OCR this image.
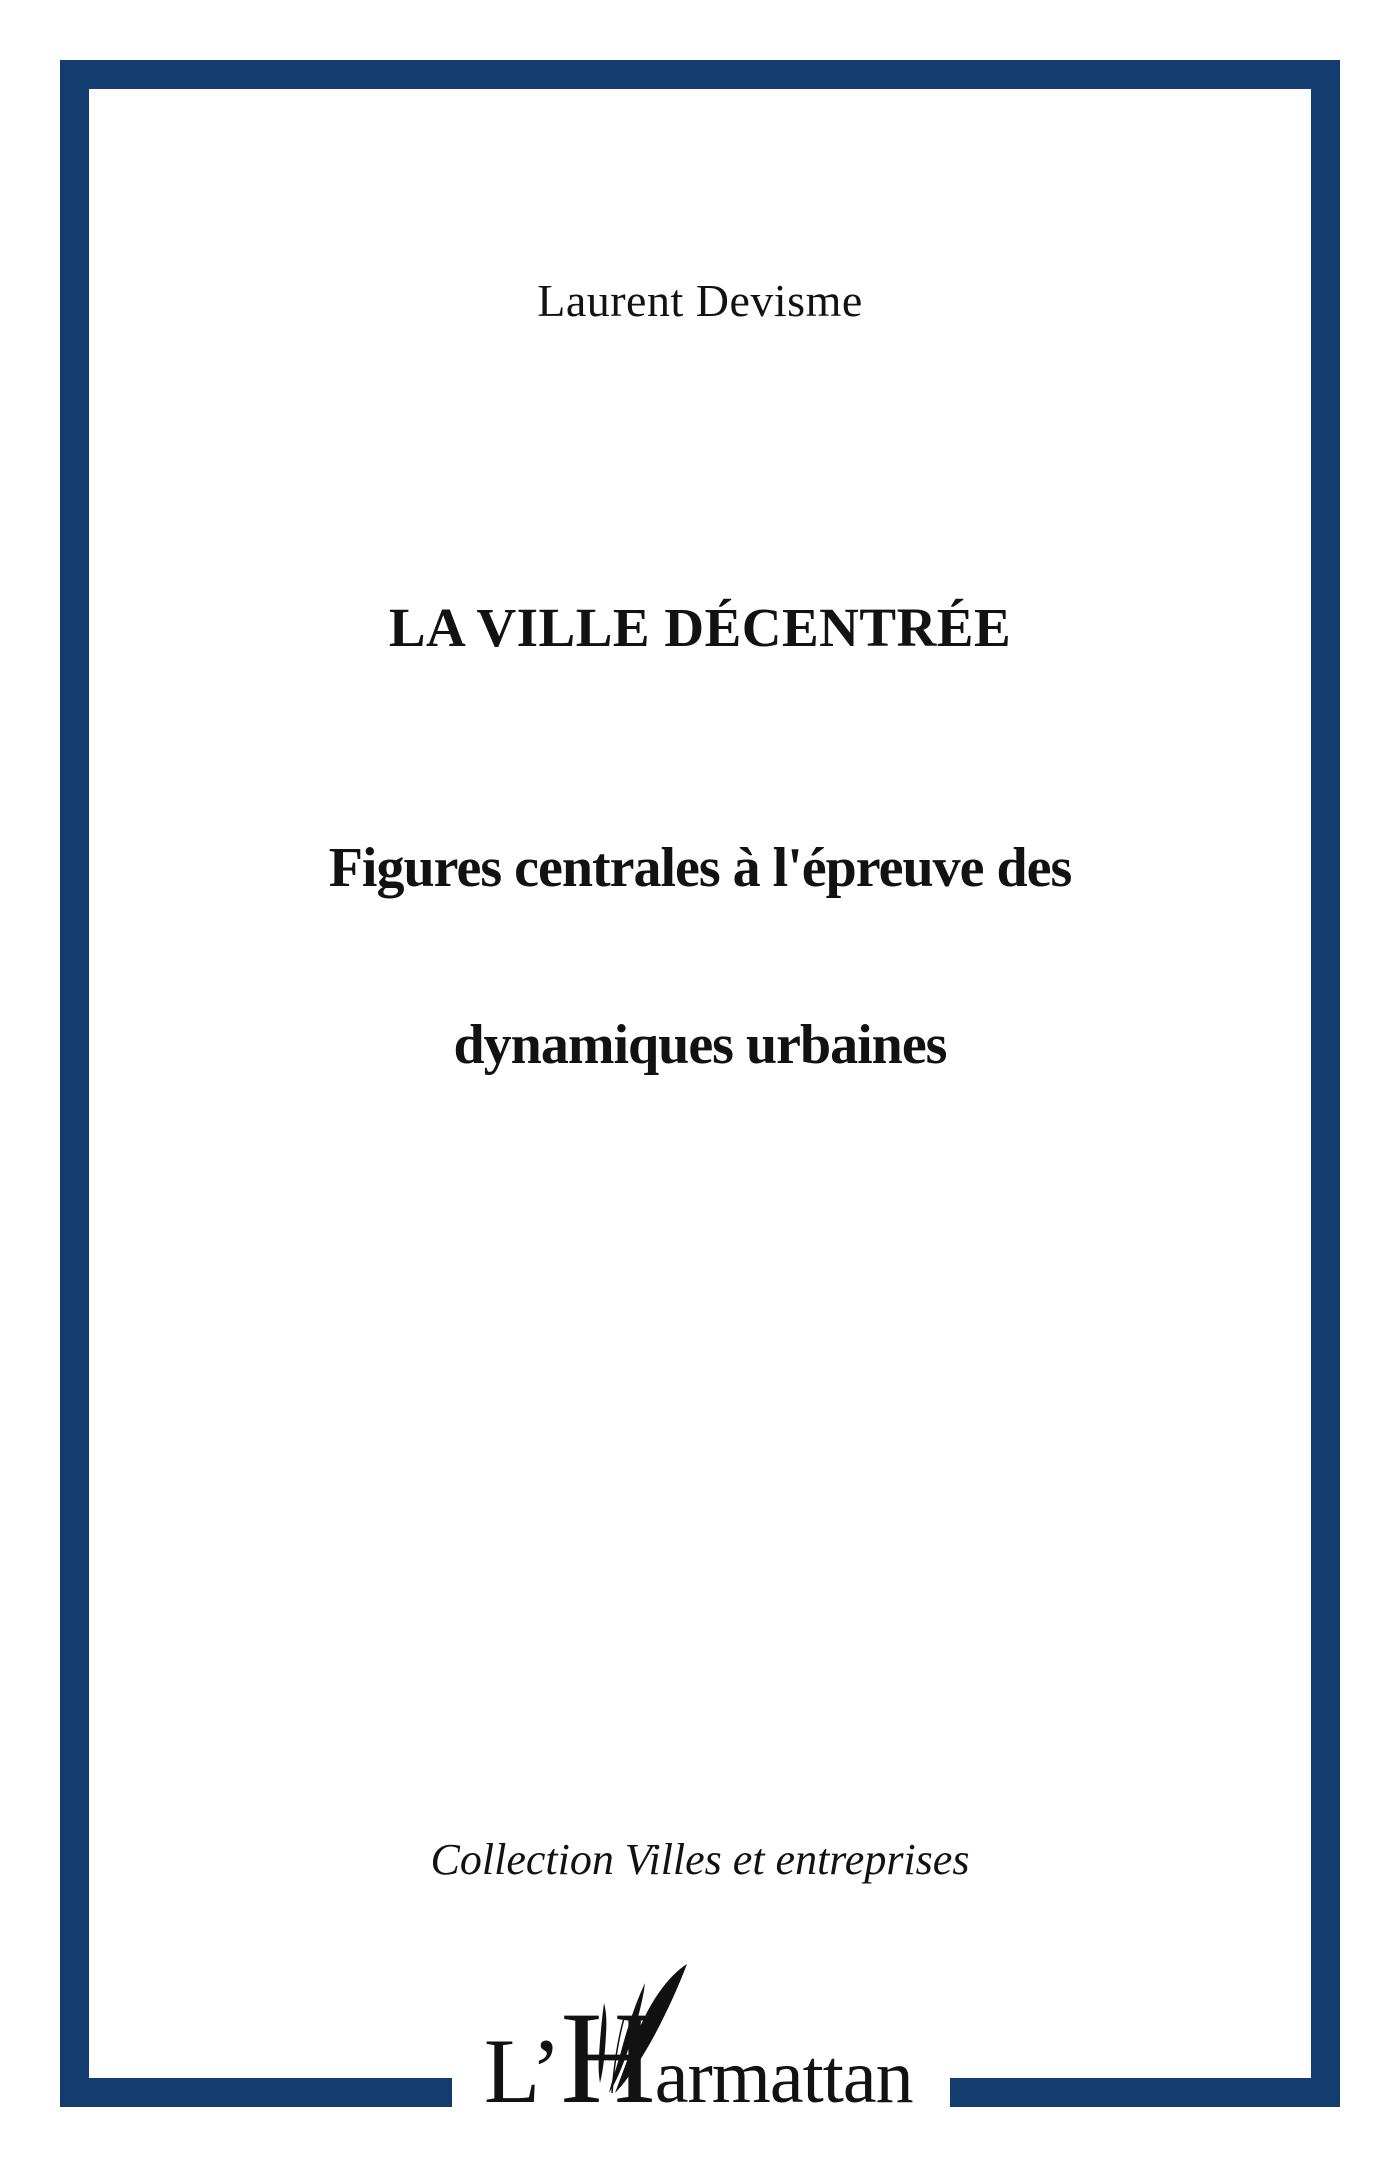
Laurent Devisme
LA VILLE DÉCENTRÉE

Figures centrales à l'épreuve des

dynamiques urbaines

Collection Villes et entreprises
L’Harmattan
